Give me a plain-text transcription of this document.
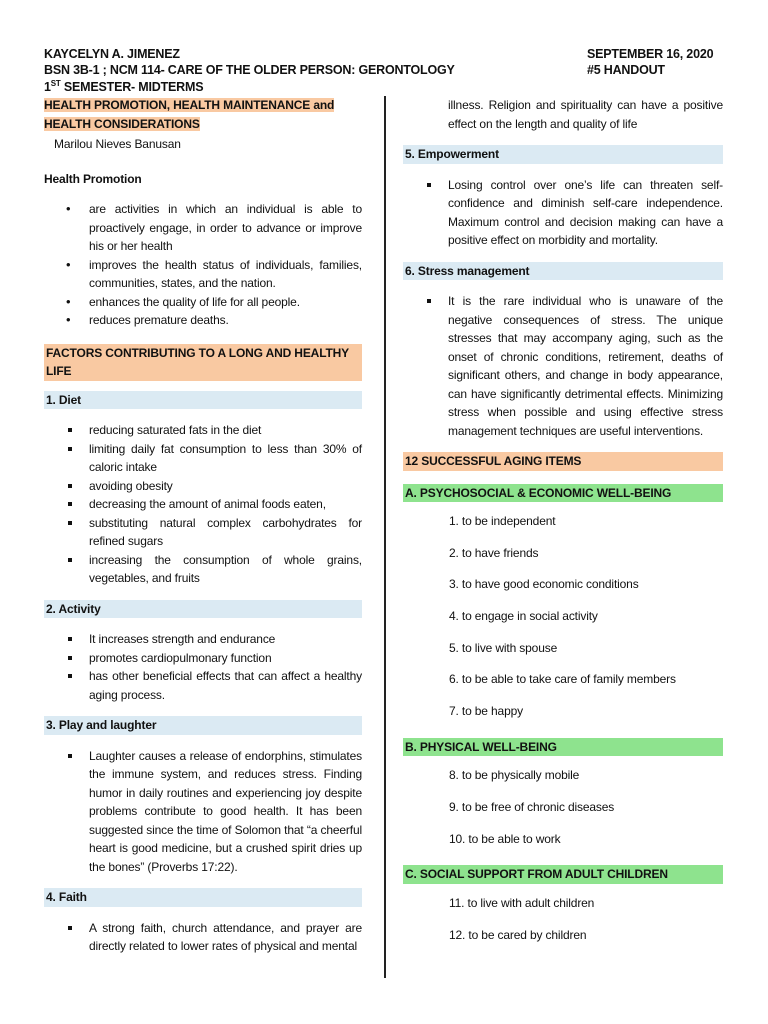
KAYCELYN A. JIMENEZ
BSN 3B-1 ; NCM 114- CARE OF THE OLDER PERSON: GERONTOLOGY
1ST SEMESTER- MIDTERMS
SEPTEMBER 16, 2020
#5 HANDOUT
HEALTH PROMOTION, HEALTH MAINTENANCE and
HEALTH CONSIDERATIONS
Marilou Nieves Banusan
Health Promotion
• are activities in which an individual is able to proactively engage, in order to advance or improve his or her health
• improves the health status of individuals, families, communities, states, and the nation.
• enhances the quality of life for all people.
• reduces premature deaths.
FACTORS CONTRIBUTING TO A LONG AND HEALTHY LIFE
1. Diet
reducing saturated fats in the diet
limiting daily fat consumption to less than 30% of caloric intake
avoiding obesity
decreasing the amount of animal foods eaten,
substituting natural complex carbohydrates for refined sugars
increasing the consumption of whole grains, vegetables, and fruits
2. Activity
It increases strength and endurance
promotes cardiopulmonary function
has other beneficial effects that can affect a healthy aging process.
3. Play and laughter
Laughter causes a release of endorphins, stimulates the immune system, and reduces stress. Finding humor in daily routines and experiencing joy despite problems contribute to good health. It has been suggested since the time of Solomon that “a cheerful heart is good medicine, but a crushed spirit dries up the bones” (Proverbs 17:22).
4. Faith
A strong faith, church attendance, and prayer are directly related to lower rates of physical and mental
illness. Religion and spirituality can have a positive effect on the length and quality of life
5. Empowerment
Losing control over one’s life can threaten self-confidence and diminish self-care independence. Maximum control and decision making can have a positive effect on morbidity and mortality.
6. Stress management
It is the rare individual who is unaware of the negative consequences of stress. The unique stresses that may accompany aging, such as the onset of chronic conditions, retirement, deaths of significant others, and change in body appearance, can have significantly detrimental effects. Minimizing stress when possible and using effective stress management techniques are useful interventions.
12 SUCCESSFUL AGING ITEMS
A. PSYCHOSOCIAL & ECONOMIC WELL-BEING
1. to be independent
2. to have friends
3. to have good economic conditions
4. to engage in social activity
5. to live with spouse
6. to be able to take care of family members
7. to be happy
B. PHYSICAL WELL-BEING
8. to be physically mobile
9. to be free of chronic diseases
10. to be able to work
C. SOCIAL SUPPORT FROM ADULT CHILDREN
11. to live with adult children
12. to be cared by children
